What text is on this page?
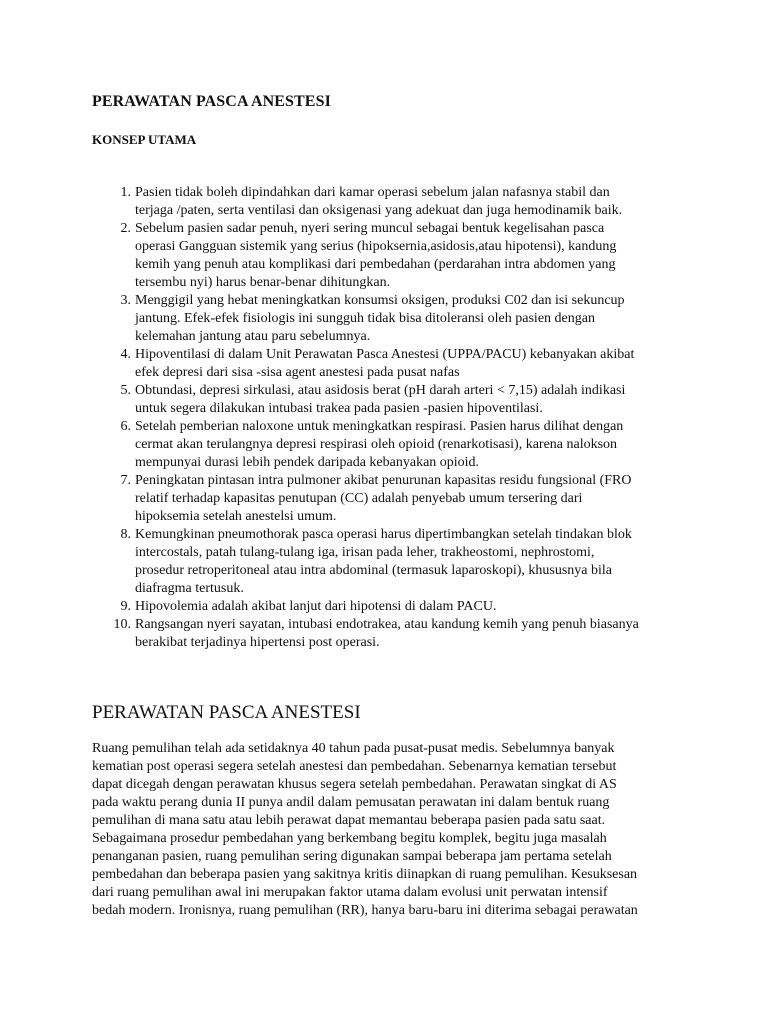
PERAWATAN PASCA ANESTESI
KONSEP UTAMA
1. Pasien tidak boleh dipindahkan dari kamar operasi sebelum jalan nafasnya stabil dan
terjaga /paten, serta ventilasi dan oksigenasi yang adekuat dan juga hemodinamik baik.
2. Sebelum pasien sadar penuh, nyeri sering muncul sebagai bentuk kegelisahan pasca
operasi Gangguan sistemik yang serius (hipoksernia,asidosis,atau hipotensi), kandung
kemih yang penuh atau komplikasi dari pembedahan (perdarahan intra abdomen yang
tersembu nyi) harus benar-benar dihitungkan.
3. Menggigil yang hebat meningkatkan konsumsi oksigen, produksi C02 dan isi sekuncup
jantung. Efek-efek fisiologis ini sungguh tidak bisa ditoleransi oleh pasien dengan
kelemahan jantung atau paru sebelumnya.
4. Hipoventilasi di dalam Unit Perawatan Pasca Anestesi (UPPA/PACU) kebanyakan akibat
efek depresi dari sisa -sisa agent anestesi pada pusat nafas
5. Obtundasi, depresi sirkulasi, atau asidosis berat (pH darah arteri < 7,15) adalah indikasi
untuk segera dilakukan intubasi trakea pada pasien -pasien hipoventilasi.
6. Setelah pemberian naloxone untuk meningkatkan respirasi. Pasien harus dilihat dengan
cermat akan terulangnya depresi respirasi oleh opioid (renarkotisasi), karena nalokson
mempunyai durasi lebih pendek daripada kebanyakan opioid.
7. Peningkatan pintasan intra pulmoner akibat penurunan kapasitas residu fungsional (FRO
relatif terhadap kapasitas penutupan (CC) adalah penyebab umum tersering dari
hipoksemia setelah anestelsi umum.
8. Kemungkinan pneumothorak pasca operasi harus dipertimbangkan setelah tindakan blok
intercostals, patah tulang-tulang iga, irisan pada leher, trakheostomi, nephrostomi,
prosedur retroperitoneal atau intra abdominal (termasuk laparoskopi), khususnya bila
diafragma tertusuk.
9. Hipovolemia adalah akibat lanjut dari hipotensi di dalam PACU.
10. Rangsangan nyeri sayatan, intubasi endotrakea, atau kandung kemih yang penuh biasanya
berakibat terjadinya hipertensi post operasi.
PERAWATAN PASCA ANESTESI
Ruang pemulihan telah ada setidaknya 40 tahun pada pusat-pusat medis. Sebelumnya banyak
kematian post operasi segera setelah anestesi dan pembedahan. Sebenarnya kematian tersebut
dapat dicegah dengan perawatan khusus segera setelah pembedahan. Perawatan singkat di AS
pada waktu perang dunia II punya andil dalam pemusatan perawatan ini dalam bentuk ruang
pemulihan di mana satu atau lebih perawat dapat memantau beberapa pasien pada satu saat.
Sebagaimana prosedur pembedahan yang berkembang begitu komplek, begitu juga masalah
penanganan pasien, ruang pemulihan sering digunakan sampai beberapa jam pertama setelah
pembedahan dan beberapa pasien yang sakitnya kritis diinapkan di ruang pemulihan. Kesuksesan
dari ruang pemulihan awal ini merupakan faktor utama dalam evolusi unit perwatan intensif
bedah modern. Ironisnya, ruang pemulihan (RR), hanya baru-baru ini diterima sebagai perawatan
